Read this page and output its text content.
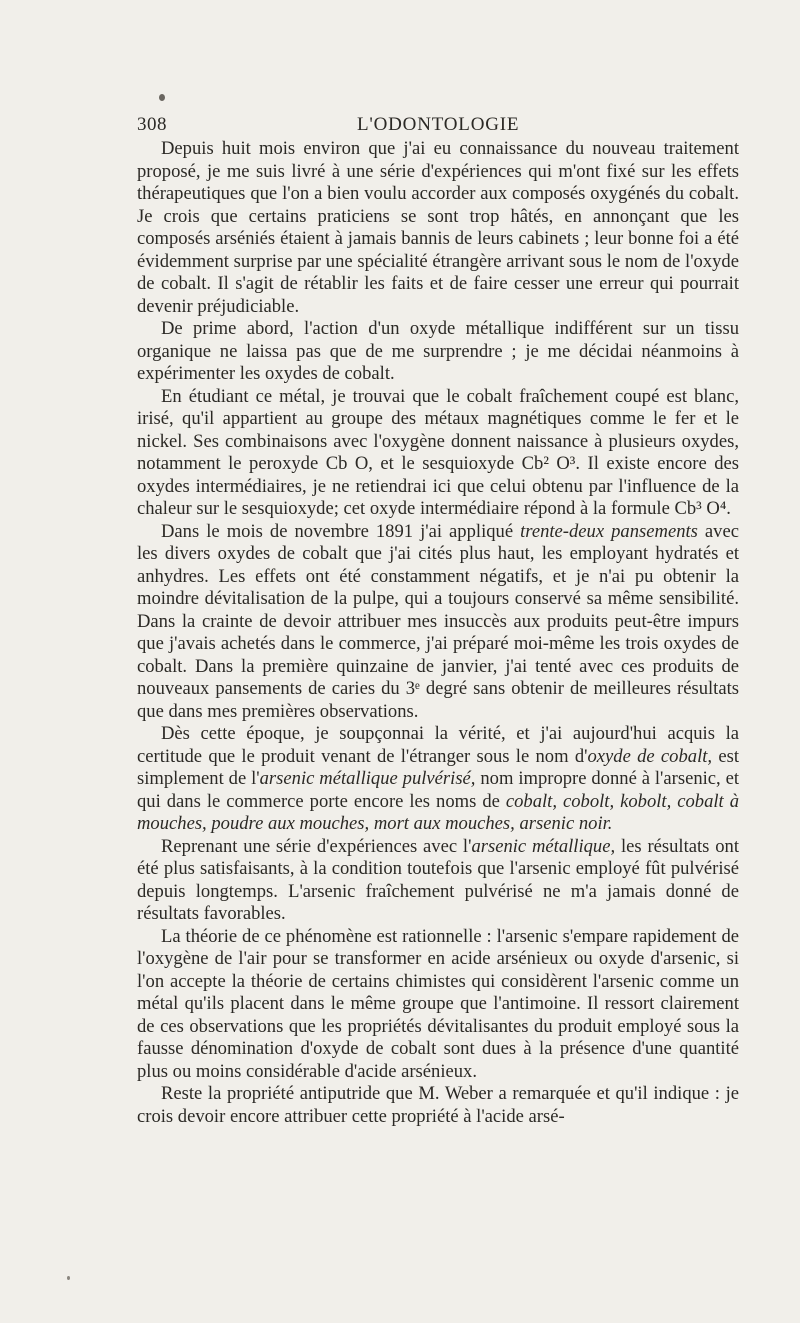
308	L'ODONTOLOGIE

Depuis huit mois environ que j'ai eu connaissance du nouveau traitement proposé, je me suis livré à une série d'expériences qui m'ont fixé sur les effets thérapeutiques que l'on a bien voulu accorder aux composés oxygénés du cobalt. Je crois que certains praticiens se sont trop hâtés, en annonçant que les composés arséniés étaient à jamais bannis de leurs cabinets ; leur bonne foi a été évidemment surprise par une spécialité étrangère arrivant sous le nom de l'oxyde de cobalt. Il s'agit de rétablir les faits et de faire cesser une erreur qui pourrait devenir préjudiciable.

De prime abord, l'action d'un oxyde métallique indifférent sur un tissu organique ne laissa pas que de me surprendre ; je me décidai néanmoins à expérimenter les oxydes de cobalt.

En étudiant ce métal, je trouvai que le cobalt fraîchement coupé est blanc, irisé, qu'il appartient au groupe des métaux magnétiques comme le fer et le nickel. Ses combinaisons avec l'oxygène donnent naissance à plusieurs oxydes, notamment le peroxyde Cb O, et le sesquioxyde Cb² O³. Il existe encore des oxydes intermédiaires, je ne retiendrai ici que celui obtenu par l'influence de la chaleur sur le sesquioxyde; cet oxyde intermédiaire répond à la formule Cb³ O⁴.

Dans le mois de novembre 1891 j'ai appliqué trente-deux pansements avec les divers oxydes de cobalt que j'ai cités plus haut, les employant hydratés et anhydres. Les effets ont été constamment négatifs, et je n'ai pu obtenir la moindre dévitalisation de la pulpe, qui a toujours conservé sa même sensibilité. Dans la crainte de devoir attribuer mes insuccès aux produits peut-être impurs que j'avais achetés dans le commerce, j'ai préparé moi-même les trois oxydes de cobalt. Dans la première quinzaine de janvier, j'ai tenté avec ces produits de nouveaux pansements de caries du 3ᵉ degré sans obtenir de meilleures résultats que dans mes premières observations.

Dès cette époque, je soupçonnai la vérité, et j'ai aujourd'hui acquis la certitude que le produit venant de l'étranger sous le nom d'oxyde de cobalt, est simplement de l'arsenic métallique pulvérisé, nom impropre donné à l'arsenic, et qui dans le commerce porte encore les noms de cobalt, cobolt, kobolt, cobalt à mouches, poudre aux mouches, mort aux mouches, arsenic noir.

Reprenant une série d'expériences avec l'arsenic métallique, les résultats ont été plus satisfaisants, à la condition toutefois que l'arsenic employé fût pulvérisé depuis longtemps. L'arsenic fraîchement pulvérisé ne m'a jamais donné de résultats favorables.

La théorie de ce phénomène est rationnelle : l'arsenic s'empare rapidement de l'oxygène de l'air pour se transformer en acide arsénieux ou oxyde d'arsenic, si l'on accepte la théorie de certains chimistes qui considèrent l'arsenic comme un métal qu'ils placent dans le même groupe que l'antimoine. Il ressort clairement de ces observations que les propriétés dévitalisantes du produit employé sous la fausse dénomination d'oxyde de cobalt sont dues à la présence d'une quantité plus ou moins considérable d'acide arsénieux.

Reste la propriété antiputride que M. Weber a remarquée et qu'il indique : je crois devoir encore attribuer cette propriété à l'acide arsé-
